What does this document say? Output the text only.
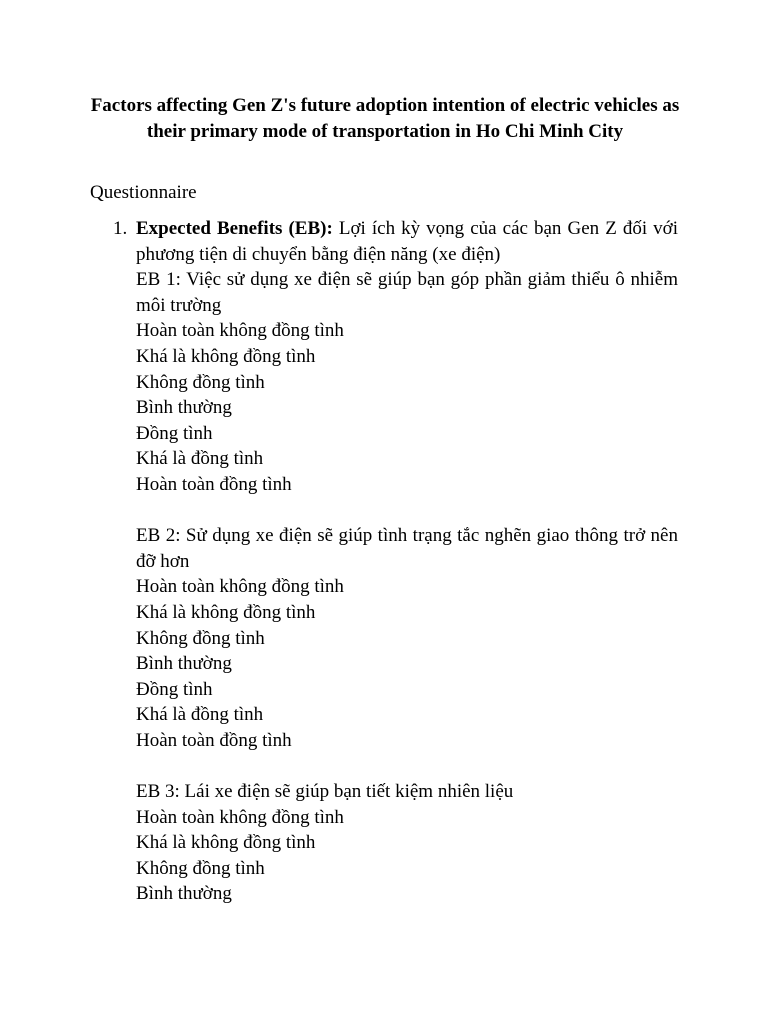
Factors affecting Gen Z's future adoption intention of electric vehicles as their primary mode of transportation in Ho Chi Minh City
Questionnaire
1. Expected Benefits (EB): Lợi ích kỳ vọng của các bạn Gen Z đối với phương tiện di chuyển bằng điện năng (xe điện)
EB 1: Việc sử dụng xe điện sẽ giúp bạn góp phần giảm thiểu ô nhiễm môi trường
Hoàn toàn không đồng tình
Khá là không đồng tình
Không đồng tình
Bình thường
Đồng tình
Khá là đồng tình
Hoàn toàn đồng tình
EB 2: Sử dụng xe điện sẽ giúp tình trạng tắc nghẽn giao thông trở nên đỡ hơn
Hoàn toàn không đồng tình
Khá là không đồng tình
Không đồng tình
Bình thường
Đồng tình
Khá là đồng tình
Hoàn toàn đồng tình
EB 3: Lái xe điện sẽ giúp bạn tiết kiệm nhiên liệu
Hoàn toàn không đồng tình
Khá là không đồng tình
Không đồng tình
Bình thường
